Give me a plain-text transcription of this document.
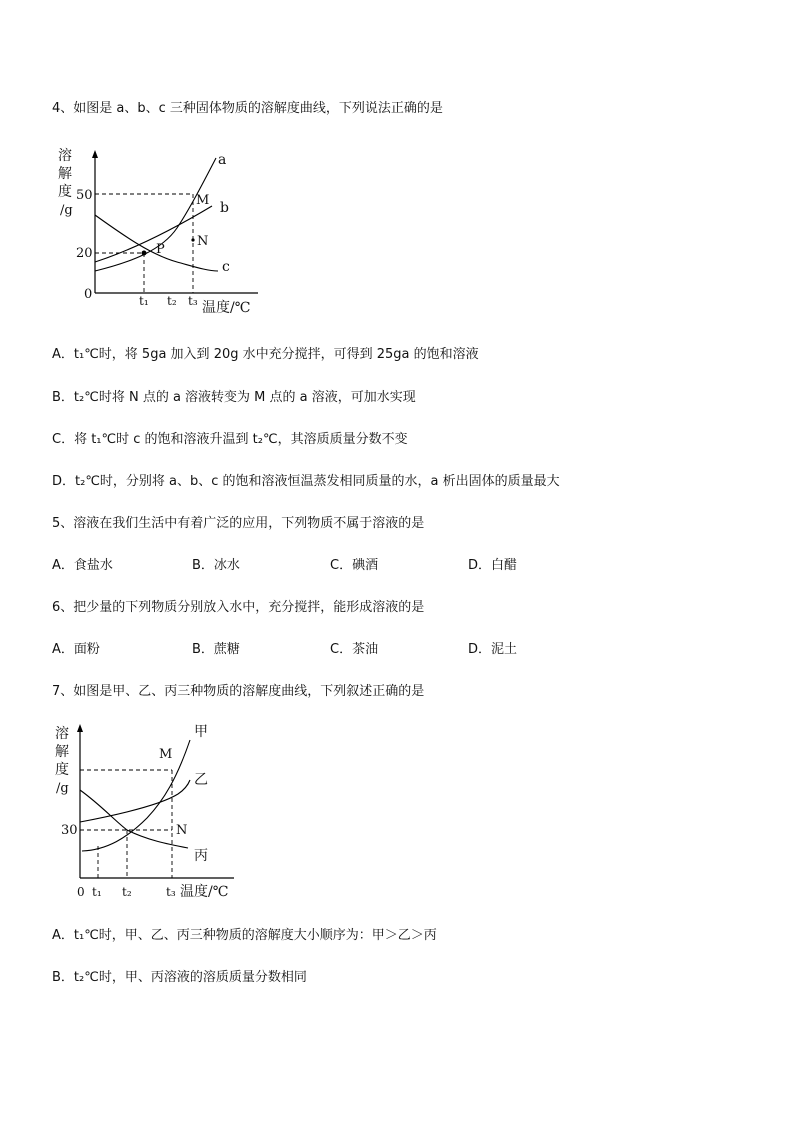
4、如图是 a、b、c 三种固体物质的溶解度曲线，下列说法正确的是
溶
解
度
/g
50
20
0
a
b
c
M
N
P
t₁ t₂ t₃ 温度/℃
A．t₁℃时，将 5ga 加入到 20g 水中充分搅拌，可得到 25ga 的饱和溶液
B．t₂℃时将 N 点的 a 溶液转变为 M 点的 a 溶液，可加水实现
C．将 t₁℃时 c 的饱和溶液升温到 t₂℃，其溶质质量分数不变
D．t₂℃时，分别将 a、b、c 的饱和溶液恒温蒸发相同质量的水，a 析出固体的质量最大
5、溶液在我们生活中有着广泛的应用，下列物质不属于溶液的是
A．食盐水	B．冰水	C．碘酒	D．白醋
6、把少量的下列物质分别放入水中，充分搅拌，能形成溶液的是
A．面粉	B．蔗糖	C．茶油	D．泥土
7、如图是甲、乙、丙三种物质的溶解度曲线，下列叙述正确的是
溶
解
度
/g
30
甲
乙
丙
M
N
0 t₁ t₂	t₃ 温度/℃
A．t₁℃时，甲、乙、丙三种物质的溶解度大小顺序为：甲＞乙＞丙
B．t₂℃时，甲、丙溶液的溶质质量分数相同
